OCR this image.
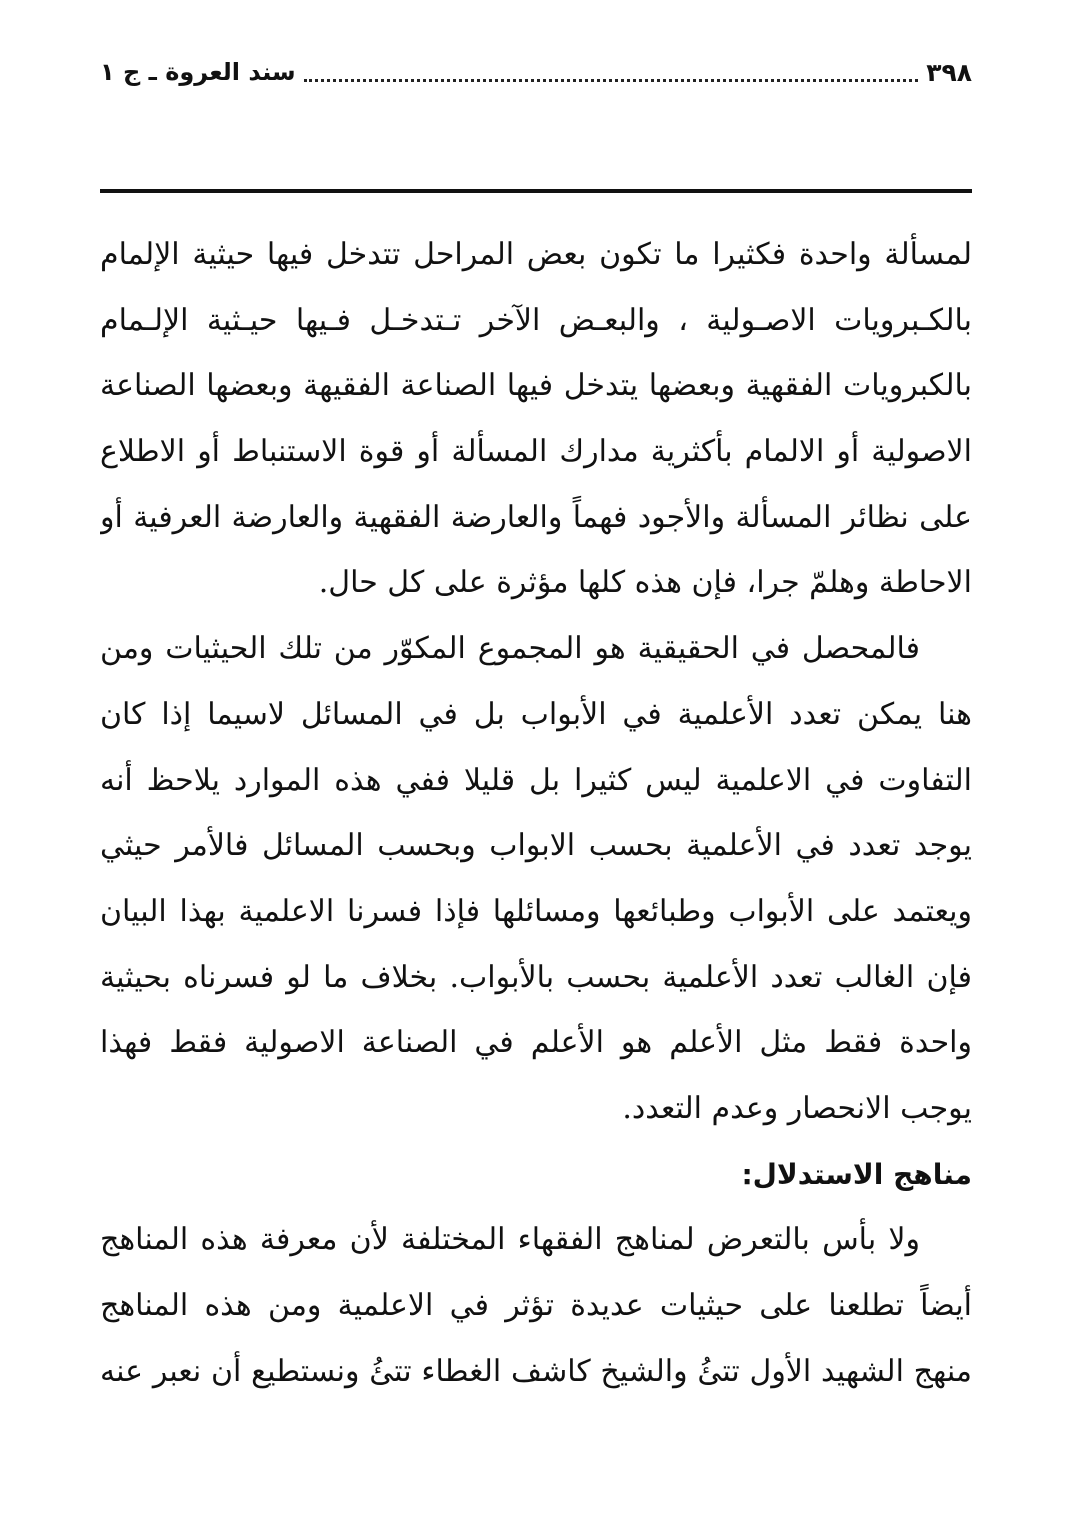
سند العروة ـ ج ١	٣٩٨
لمسألة واحدة فكثيرا ما تكون بعض المراحل تتدخل فيها حيثية الإلمام
بالكـبرويات الاصـولية ، والبعـض الآخر تـتدخـل فـيها حيـثية الإلـمام
بالكبرويات الفقهية وبعضها يتدخل فيها الصناعة الفقيهة وبعضها الصناعة
الاصولية أو الالمام بأكثرية مدارك المسألة أو قوة الاستنباط أو الاطلاع
على نظائر المسألة والأجود فهماً والعارضة الفقهية والعارضة العرفية أو
الاحاطة وهلمّ جرا، فإن هذه كلها مؤثرة على كل حال.
فالمحصل في الحقيقية هو المجموع المكوّر من تلك الحيثيات ومن
هنا يمكن تعدد الأعلمية في الأبواب بل في المسائل لاسيما إذا كان
التفاوت في الاعلمية ليس كثيرا بل قليلا ففي هذه الموارد يلاحظ أنه
يوجد تعدد في الأعلمية بحسب الابواب وبحسب المسائل فالأمر حيثي
ويعتمد على الأبواب وطبائعها ومسائلها فإذا فسرنا الاعلمية بهذا البيان
فإن الغالب تعدد الأعلمية بحسب بالأبواب. بخلاف ما لو فسرناه بحيثية
واحدة فقط مثل الأعلم هو الأعلم في الصناعة الاصولية فقط فهذا
يوجب الانحصار وعدم التعدد.
مناهج الاستدلال:
ولا بأس بالتعرض لمناهج الفقهاء المختلفة لأن معرفة هذه المناهج
أيضاً تطلعنا على حيثيات عديدة تؤثر في الاعلمية ومن هذه المناهج
منهج الشهيد الأول تتئُ والشيخ كاشف الغطاء تتئُ ونستطيع أن نعبر عنه
